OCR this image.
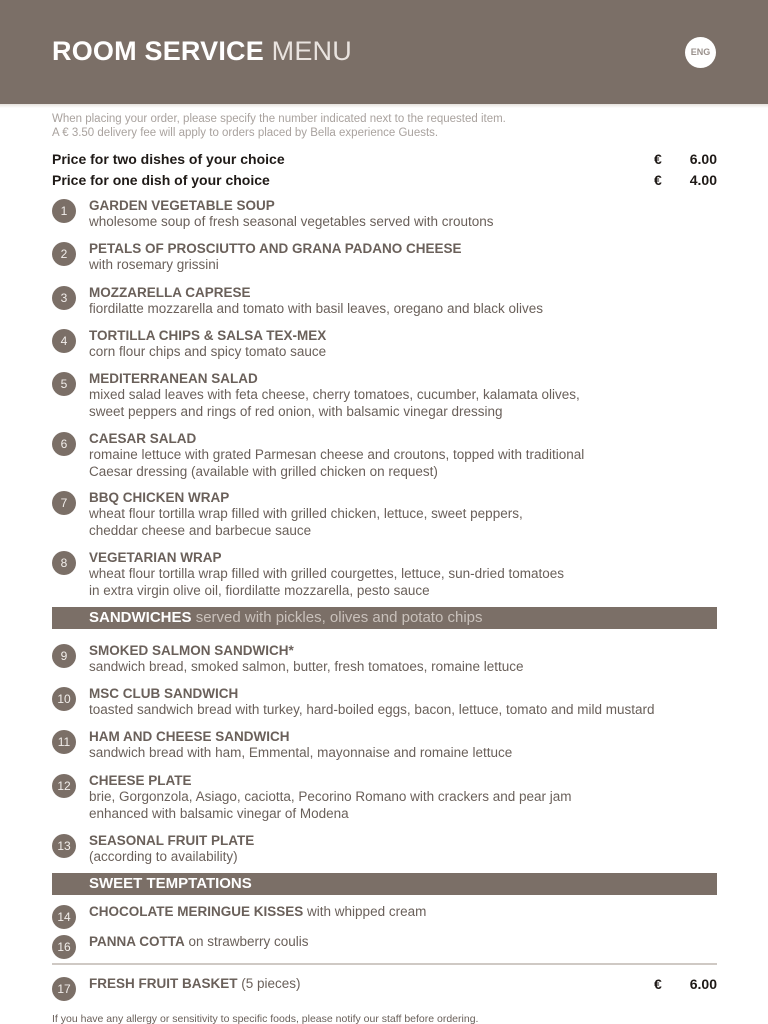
ROOM SERVICE MENU	ENG
When placing your order, please specify the number indicated next to the requested item.
A € 3.50 delivery fee will apply to orders placed by Bella experience Guests.
Price for two dishes of your choice	€ 6.00
Price for one dish of your choice	€ 4.00
1	GARDEN VEGETABLE SOUP
wholesome soup of fresh seasonal vegetables served with croutons
2	PETALS OF PROSCIUTTO AND GRANA PADANO CHEESE
with rosemary grissini
3	MOZZARELLA CAPRESE
fiordilatte mozzarella and tomato with basil leaves, oregano and black olives
4	TORTILLA CHIPS & SALSA TEX-MEX
corn flour chips and spicy tomato sauce
5	MEDITERRANEAN SALAD
mixed salad leaves with feta cheese, cherry tomatoes, cucumber, kalamata olives,
sweet peppers and rings of red onion, with balsamic vinegar dressing
6	CAESAR SALAD
romaine lettuce with grated Parmesan cheese and croutons, topped with traditional
Caesar dressing (available with grilled chicken on request)
7	BBQ CHICKEN WRAP
wheat flour tortilla wrap filled with grilled chicken, lettuce, sweet peppers,
cheddar cheese and barbecue sauce
8	VEGETARIAN WRAP
wheat flour tortilla wrap filled with grilled courgettes, lettuce, sun-dried tomatoes
in extra virgin olive oil, fiordilatte mozzarella, pesto sauce
SANDWICHES served with pickles, olives and potato chips
9	SMOKED SALMON SANDWICH*
sandwich bread, smoked salmon, butter, fresh tomatoes, romaine lettuce
10	MSC CLUB SANDWICH
toasted sandwich bread with turkey, hard-boiled eggs, bacon, lettuce, tomato and mild mustard
11	HAM AND CHEESE SANDWICH
sandwich bread with ham, Emmental, mayonnaise and romaine lettuce
12	CHEESE PLATE
brie, Gorgonzola, Asiago, caciotta, Pecorino Romano with crackers and pear jam
enhanced with balsamic vinegar of Modena
13	SEASONAL FRUIT PLATE
(according to availability)
SWEET TEMPTATIONS
14	CHOCOLATE MERINGUE KISSES with whipped cream
16	PANNA COTTA on strawberry coulis
17	FRESH FRUIT BASKET (5 pieces)	€	6.00
If you have any allergy or sensitivity to specific foods, please notify our staff before ordering.
